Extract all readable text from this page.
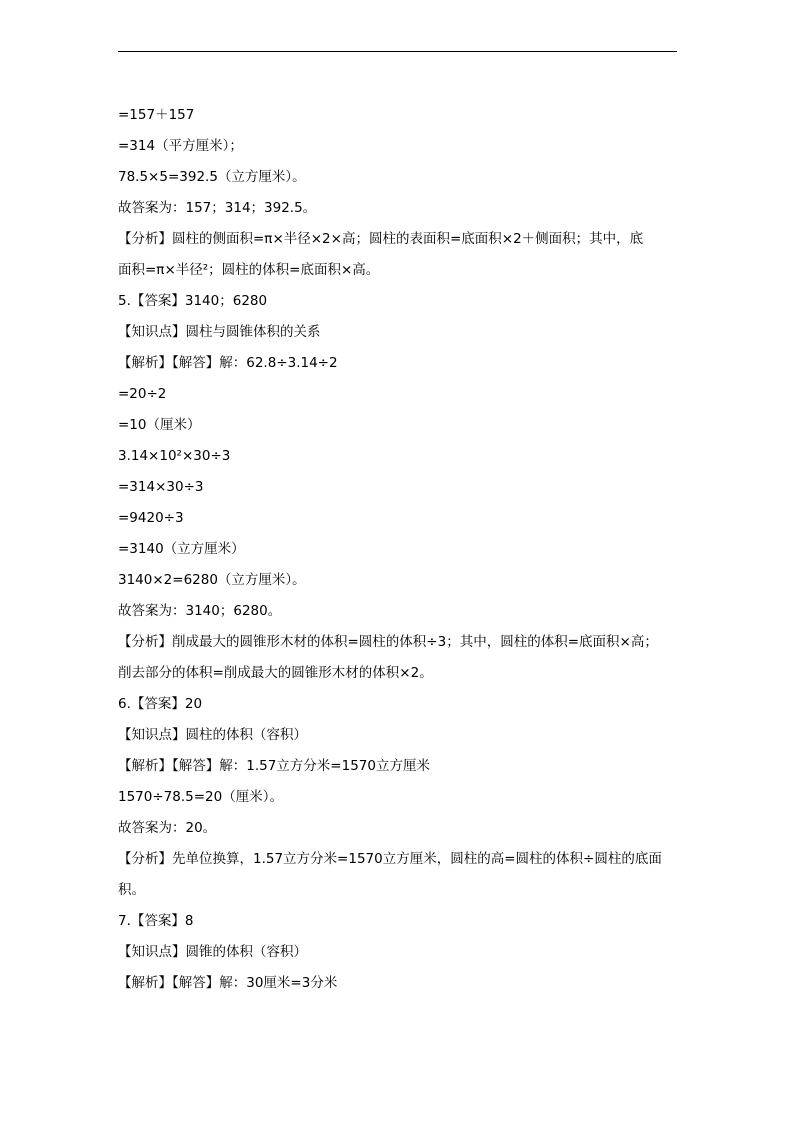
=157＋157
=314（平方厘米）；
78.5×5=392.5（立方厘米）。
故答案为：157；314；392.5。
【分析】圆柱的侧面积=π×半径×2×高；圆柱的表面积=底面积×2＋侧面积；其中，底
面积=π×半径²；圆柱的体积=底面积×高。
5.【答案】3140；6280
【知识点】圆柱与圆锥体积的关系
【解析】【解答】解：62.8÷3.14÷2
=20÷2
=10（厘米）
3.14×10²×30÷3
=314×30÷3
=9420÷3
=3140（立方厘米）
3140×2=6280（立方厘米）。
故答案为：3140；6280。
【分析】削成最大的圆锥形木材的体积=圆柱的体积÷3；其中，圆柱的体积=底面积×高；
削去部分的体积=削成最大的圆锥形木材的体积×2。
6.【答案】20
【知识点】圆柱的体积（容积）
【解析】【解答】解：1.57立方分米=1570立方厘米
1570÷78.5=20（厘米）。
故答案为：20。
【分析】先单位换算，1.57立方分米=1570立方厘米，圆柱的高=圆柱的体积÷圆柱的底面
积。
7.【答案】8
【知识点】圆锥的体积（容积）
【解析】【解答】解：30厘米=3分米
